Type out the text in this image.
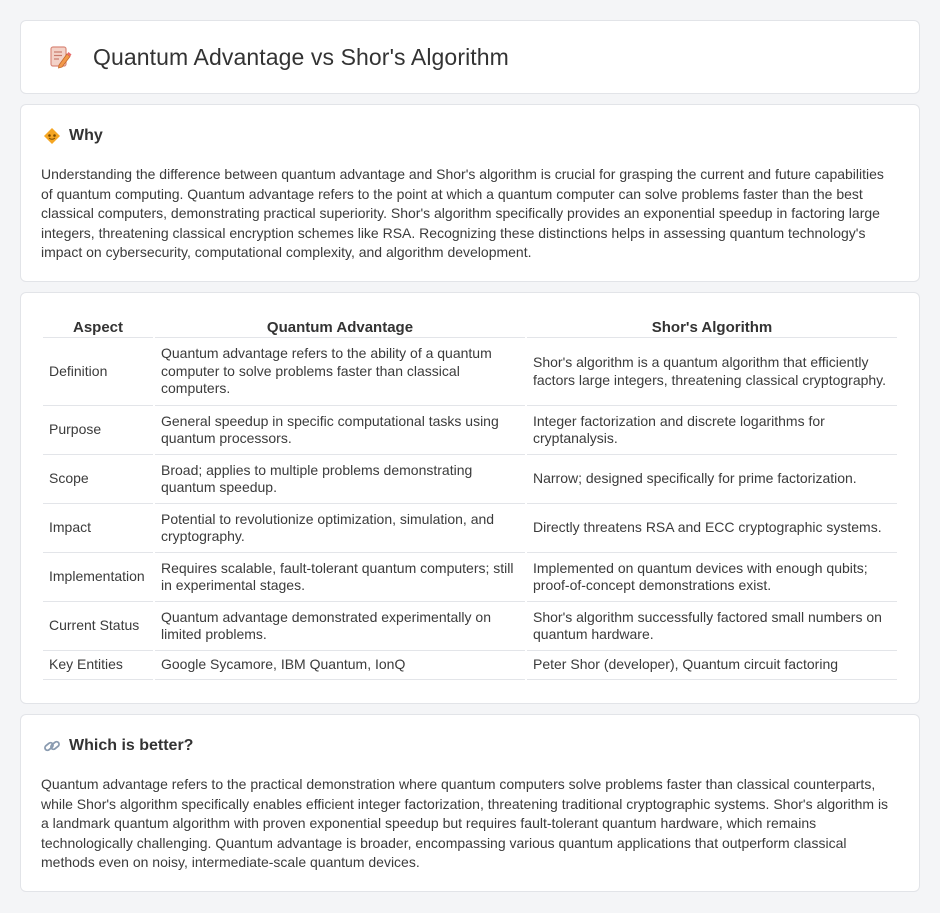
Quantum Advantage vs Shor's Algorithm
Why

Understanding the difference between quantum advantage and Shor's algorithm is crucial for grasping the current and future capabilities of quantum computing. Quantum advantage refers to the point at which a quantum computer can solve problems faster than the best classical computers, demonstrating practical superiority. Shor's algorithm specifically provides an exponential speedup in factoring large integers, threatening classical encryption schemes like RSA. Recognizing these distinctions helps in assessing quantum technology's impact on cybersecurity, computational complexity, and algorithm development.

Aspect	Quantum Advantage	Shor's Algorithm
Definition	Quantum advantage refers to the ability of a quantum computer to solve problems faster than classical computers.	Shor's algorithm is a quantum algorithm that efficiently factors large integers, threatening classical cryptography.
Purpose	General speedup in specific computational tasks using quantum processors.	Integer factorization and discrete logarithms for cryptanalysis.
Scope	Broad; applies to multiple problems demonstrating quantum speedup.	Narrow; designed specifically for prime factorization.
Impact	Potential to revolutionize optimization, simulation, and cryptography.	Directly threatens RSA and ECC cryptographic systems.
Implementation	Requires scalable, fault-tolerant quantum computers; still in experimental stages.	Implemented on quantum devices with enough qubits; proof-of-concept demonstrations exist.
Current Status	Quantum advantage demonstrated experimentally on limited problems.	Shor's algorithm successfully factored small numbers on quantum hardware.
Key Entities	Google Sycamore, IBM Quantum, IonQ	Peter Shor (developer), Quantum circuit factoring
Which is better?

Quantum advantage refers to the practical demonstration where quantum computers solve problems faster than classical counterparts, while Shor's algorithm specifically enables efficient integer factorization, threatening traditional cryptographic systems. Shor's algorithm is a landmark quantum algorithm with proven exponential speedup but requires fault-tolerant quantum hardware, which remains technologically challenging. Quantum advantage is broader, encompassing various quantum applications that outperform classical methods even on noisy, intermediate-scale quantum devices.
